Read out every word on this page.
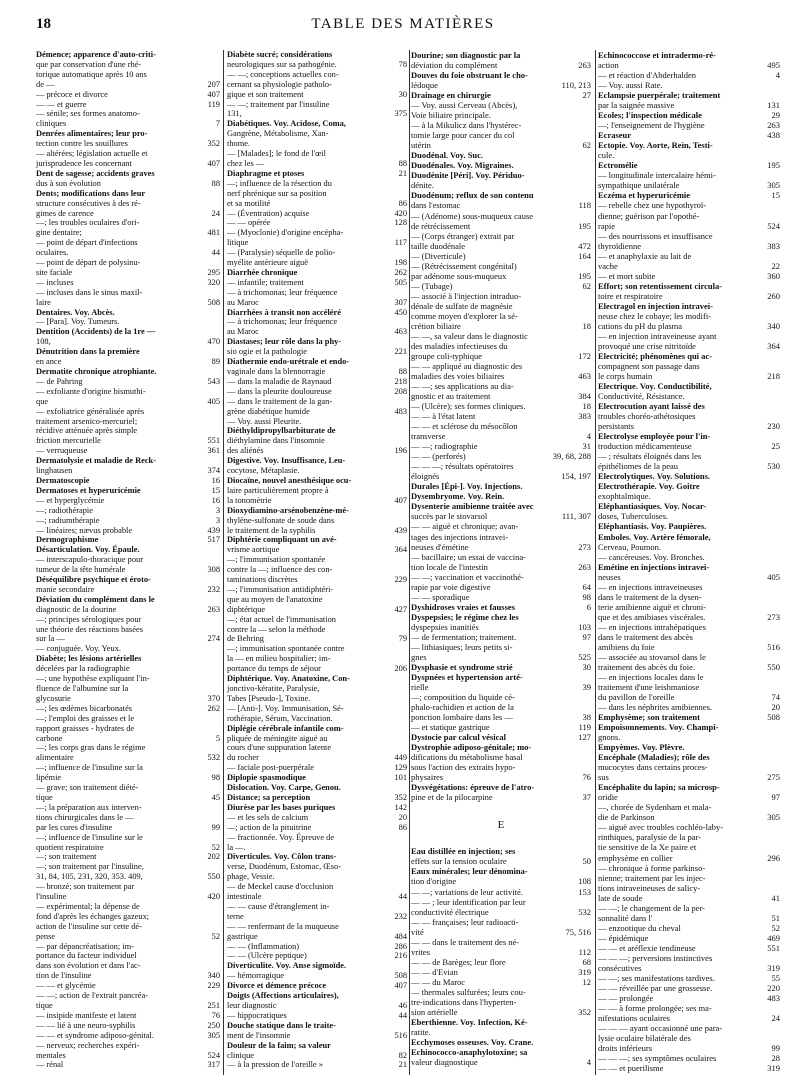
18	TABLE DES MATIÈRES
Démence; apparence d'auto-criti-
que par conservation d'une rhé-
torique automatique après 10 ans
de —	207
— précoce et divorce	407
— — et guerre	119
— sénile; ses formes anatomo-
cliniques	7
Denrées alimentaires; leur pro-
tection contre les souillures	352
— altérées; législation actuelle et
jurisprudence les concernant	407
Dent de sagesse; accidents graves
dus à son évolution	88
Dents; modifications dans leur
structure consécutives à des ré-
gimes de carence	24
—; les troubles oculaires d'ori-
gine dentaire;	481
— point de départ d'infections
oculaires.	44
— point de départ de polysinu-
site faciale	295
— incluses	320
— incluses dans le sinus maxil-
laire	508
Dentaires. Voy. Abcès.
— [Para]. Voy. Tumeurs.
Dentition (Accidents) de la 1re —
108,	470
Dénutrition dans la première
en ance	89
Dermatite chronique atrophiante.
— de Pahring	543
— exfoliante d'origine bismuthi-
que	405
— exfoliatrice généralisée après
traitement arsenico-mercuriel;
récidive atténuée après simple
friction mercurielle	551
— verruqueuse	361
Dermatolysie et maladie de Reck-
linghausen	374
Dermatoscopie	16
Dermatoses et hyperuricémie	15
— et hyperglycémie	16
—; radiothérapie	3
—; radiumthérapie	3
— linéaires; nævus probable	439
Dermographisme	517
Désarticulation. Voy. Épaule.
— interscapulo-thoracique pour
tumeur de la tête humérale	308
Déséquilibre psychique et éroto-
manie secondaire	232
Déviation du complément dans le
diagnostic de la dourine	263
—; principes sérologiques pour
une théorie des réactions basées
sur la —	274
— conjuguée. Voy. Yeux.
Diabète; les lésions artérielles
décelées par la radiographie
—; une hypothèse expliquant l'in-
fluence de l'albumine sur la
glycosurie	370
—; les œdèmes bicarbonatés	262
—; l'emploi des graisses et le
rapport graisses - hydrates de
carbone	5
—; les corps gras dans le régime
alimentaire	532
—; influence de l'insuline sur la
lipémie	98
— grave; son traitement diété-
tique	45
—; la préparation aux interven-
tions chirurgicales dans le —
par les cures d'insuline	99
—; influence de l'insuline sur le
quotient respiratoire	52
—; son traitement	202
—; son traitement par l'insuline,
31, 84, 105, 231, 320, 353. 409,	550
— bronzé; son traitement par
l'insuline	420
— expérimental; la dépense de
fond d'après les échanges gazeux;
action de l'insuline sur cette dé-
pense	52
— par dépancréatisation; im-
portance du facteur individuel
dans son évolution et dans l'ac-
tion de l'insuline	340
— — et glycémie	229
— —; action de l'extrait pancréa-
tique	251
— insipide manifeste et latent	76
— — lié à une neuro-syphilis	250
— — et syndrome adiposo-génital.	305
— nerveux; recherches expéri-
mentales	524
— rénal	317
Diabète sucré; considérations
neurologiques sur sa pathogénie.	78
— —; conceptions actuelles con-
cernant sa physiologie patholo-
gique et son traitement	30
— —; traitement par l'insuline
131,	375
Diabétiques. Voy. Acidose, Coma,
Gangrène, Métabolisme, Xan-
thome.
— [Malades]; le fond de l'œil
chez les —	88
Diaphragme et ptoses	21
—; influence de la résection du
nerf phrénique sur sa position
et sa motilité	86
— (Éventration) acquise	420
— — opérée	128
— (Myoclonie) d'origine encépha-
litique	117
— (Paralysie) séquelle de polio-
myélite antérieure aiguë	198
Diarrhée chronique	262
— infantile; traitement	505
— à trichomonas; leur fréquence
au Maroc	307
Diarrhées à transit non accéléré	450
— à trichomonas; leur fréquence
au Maroc	463
Diastases; leur rôle dans la phy-
sio ogie et la pathologie	221
Diathermie endo-urétrale et endo-
vaginale dans la blennorragie	88
— dans la maladie de Raynaud	218
— dans la pleurite douloureuse	208
— dans le traitement de la gan-
grène diabétique humide	483
— Voy. aussi Pleurite.
Diéthyldipropylbarbiturate de
diéthylamine dans l'insomnie
des aliénés	196
Digestive. Voy. Insuffisance, Leu-
cocytose, Métaplasie.
Diocaïne, nouvel anesthésique ocu-
laire particulièrement propre à
la tonométrie	407
Dioxydiamino-arsénobenzène-mé-
thylène-sulfonate de soude dans
le traitement de la syphilis	439
Diphtérie compliquant un avé-
vrisme aortique	364
—; l'immunisation spontanée
contre la —; influence des con-
taminations discrètes	229
—; l'immunisation antidiphtéri-
que au moyen de l'anatoxine
diphtérique	427
—; état actuel de l'immunisation
contre la — selon la méthode
de Behring	79
—; immunisation spontanée contre
la — en milieu hospitalier; im-
portance du temps de séjour	206
Diphtérique. Voy. Anatoxine, Con-
jonctivo-kératite, Paralysie,
Tabes [Pseudo-], Toxine.
— [Anti-]. Voy. Immunisation, Sé-
rothérapie, Sérum, Vaccination.
Diplégie cérébrale infantile com-
pliquée de méningite aiguë au
cours d'une suppuration latente
du rocher	449
— faciale post-puerpérale	129
Diplopie spasmodique	101
Dislocation. Voy. Carpe, Genou.
Distance; sa perception	352
Diurèse par les bases puriques	142
— et les sels de calcium	20
—; action de la pituitrine	86
— fractionnée. Voy. Épreuve de
la —.
Diverticules. Voy. Côlon trans-
verse, Duodénum, Estomac, Œso-
phage, Vessie.
— de Meckel cause d'occlusion
intestinale	44
— — cause d'étranglement in-
terne	232
— — renfermant de la muqueuse
gastrique	484
— — (Inflammation)	286
— — (Ulcère peptique)	216
Diverticulite. Voy. Anse sigmoïde.
— hémorragique	508
Divorce et démence précoce	407
Doigts (Affections articulaires),
leur diagnostic	46
— hippocratiques	44
Douche statique dans le traite-
ment de l'insomnie	516
Douleur de la faim; sa valeur
clinique	82
— à la pression de l'oreille »	21
Dourine; son diagnostic par la
déviation du complément	263
Douves du foie obstruant le cho-
lédoque	110, 213
Drainage en chirurgie	27
— Voy. aussi Cerveau (Abcès),
Voie biliaire principale.
— à la Mikulicz dans l'hystérec-
tomie large pour cancer du col
utérin	62
Duodénal. Voy. Suc.
Duodénales. Voy. Migraines.
Duodénite [Péri]. Voy. Périduo-
dénite.
Duodénum; reflux de son contenu
dans l'estomac	118
— (Adénome) sous-muqueux cause
de rétrécissement	195
— (Corps étranger) extrait par
taille duodénale	472
— (Diverticule)	164
— (Rétrécissement congénital)
par adénome sous-muqueux	195
— (Tubage)	62
— associé à l'injection intraduo-
dénale de sulfate de magnésie
comme moyen d'explorer la sé-
crétion biliaire	18
— —, sa valeur dans le diagnostic
des maladies infectieuses du
groupe coli-typhique	172
— — appliqué au diagnostic des
maladies des voies biliaires	463
— —; ses applications au dia-
gnostic et au traitement	384
— (Ulcère); ses formes cliniques.	18
— — à l'état latent	383
— — et sclérose du mésocôlon
transverse	4
— —; radiographie	31
— — (perforés)	39, 68, 288
— — —; résultats opératoires
éloignés	154, 197
Durales [Épi-]. Voy. Injections.
Dysembryome. Voy. Rein.
Dysenterie amibienne traitée avec
succès par le stovarsol	111, 307
— — aiguë et chronique; avan-
tages des injections intravei-
neuses d'émétine	273
— bacillaire; un essai de vaccina-
tion locale de l'intestin	263
— —; vaccination et vaccinothé-
rapie par voie digestive	64
— — sporadique	98
Dyshidroses vraies et fausses	6
Dyspepsies; le régime chez les
dyspepsies inanitiés	103
— de fermentation; traitement.	97
— lithiasiques; leurs petits si-
gnes	525
Dysphasie et syndrome strié	30
Dyspnées et hypertension arté-
rielle	39
—; composition du liquide cé-
phalo-rachidien et action de la
ponction lombaire dans les —	38
— et statique gastrique	119
Dystocie par calcul vésical	127
Dystrophie adiposo-génitale; mo-
difications du métabolisme basal
sous l'action des extraits hypo-
physaires	76
Dysvégétations: épreuve de l'atro-
pine et de la pilocarpine	37
E
Eau distillée en injection; ses
effets sur la tension oculaire	50
Eaux minérales; leur dénomina-
tion d'origine	108
— —; variations de leur activité.	153
— — ; leur identification par leur
conductivité électrique	532
— — françaises; leur radioacti-
vité	75, 516
— — dans le traitement des né-
vrites	112
— — de Barèges; leur flore	68
— — d'Evian	319
— — du Maroc	12
— thermales sulfurées; leurs cou-
tre-indications dans l'hyperten-
sion artérielle	352
Eberthienne. Voy. Infection, Ké-
ratite.
Ecchymoses osseuses. Voy. Crane.
Echinococco-anaphylotoxine; sa
valeur diagnostique	4
Echinococcose et intradermo-ré-
action	495
— et réaction d'Abderhalden	4
— Voy. aussi Rate.
Eclampsie puerpérale; traitement
par la saignée massive	131
Ecoles; l'inspection médicale	29
—; l'enseignement de l'hygiène	263
Ecraseur	438
Ectopie. Voy. Aorte, Rein, Testi-
cule.
Ectromélie	195
— longitudinale intercalaire hémi-
sympathique unilatérale	305
Eczéma et hyperuricémie	15
— rebelle chez une hypothyroï-
dienne; guérison par l'opothé-
rapie	524
— des nourrissons et insuffisance
thyroïdienne	383
— et anaphylaxie au lait de
vache	22
— et mort subite	360
Effort; son retentissement circula-
toire et respiratoire	260
Electragol en injection intravei-
neuse chez le cobaye; les modifi-
cations du pH du plasma	340
— en injection intraveineuse ayant
provoqué une crise nitritoïde	364
Electricité; phénomènes qui ac-
compagnent son passage dans
le corps humain	218
Electrique. Voy. Conductibilité,
Conductivité, Résistance.
Electrocution ayant laissé des
troubles choréo-athétosiques
persistants	230
Electrolyse employée pour l'in-
troduction médicamenteuse	25
— ; résultats éloignés dans les
épithéliomes de la peau	530
Electrolytiques. Voy. Solutions.
Electrothérapie. Voy. Goitre
exophtalmique.
Eléphantiasiques. Voy. Nocar-
doses, Tuberculoses.
Eléphantiasis. Voy. Paupières.
Emboles. Voy. Artère fémorale,
Cerveau, Poumon.
— cancéreuses. Voy. Bronches.
Emétine en injections intravei-
neuses	405
— en injections intraveineuses
dans le traitement de la dysen-
terie amibienne aiguë et chroni-
que et des amibiases viscérales.	273
— en injections intrahépatiques
dans le traitement des abcès
amibiens du foie	516
— associée au stovarsol dans le
traitement des abcès du foie.	550
— en injections locales dans le
traitement d'une leishmaniose
du pavillon de l'oreille	74
— dans les néphrites amibiennes.	20
Emphysème; son traitement	508
Empoisonnements. Voy. Champi-
gnons.
Empyèmes. Voy. Plèvre.
Encéphale (Maladies); rôle des
mucocytes dans certains proces-
sus	275
Encéphalite du lapin; sa microsp-
oridie	97
—, chorée de Sydenham et mala-
die de Parkinson	305
— aiguë avec troubles cochléo-laby-
rinthiques, paralysie de la par-
tie sensitive de la Xe paire et
emphysème en collier	296
— chronique à forme parkinso-
nienne; traitement par les injec-
tions intraveineuses de salicy-
late de soude	41
— —; le changement de la per-
sonnalité dans l'	51
— enzootique du cheval	52
— épidémique	469
— — et aréflexie tendineuse	551
— — —; perversions instinctives
consécutives	319
— —; ses manifestations tardives.	55
— — réveillée par une grossesse.	220
— — prolongée	483
— — à forme prolongée; ses ma-
nifestations oculaires	24
— — — ayant occasionné une para-
lysie oculaire bilatérale des
droits inférieurs	99
— — —; ses symptômes oculaires	28
— — et puerilisme	319
